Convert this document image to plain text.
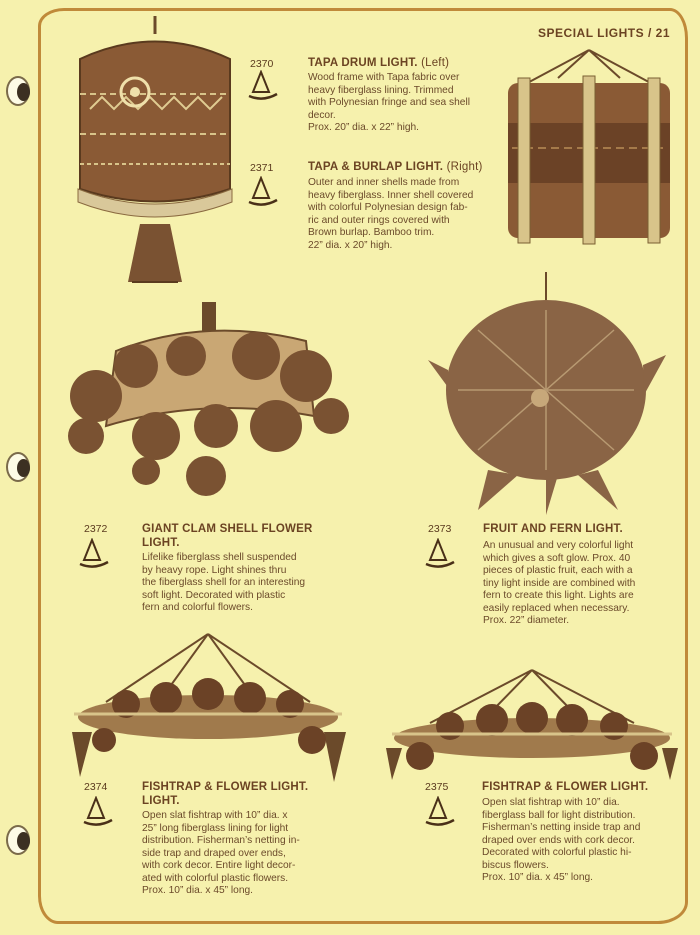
SPECIAL LIGHTS / 21
2370	TAPA DRUM LIGHT. (Left)
Wood frame with Tapa fabric over
heavy fiberglass lining. Trimmed
with Polynesian fringe and sea shell
decor.
Prox. 20” dia. x 22” high.
2371	TAPA & BURLAP LIGHT. (Right)
Outer and inner shells made from
heavy fiberglass. Inner shell covered
with colorful Polynesian design fab-
ric and outer rings covered with
Brown burlap. Bamboo trim.
22” dia. x 20” high.
2372	GIANT CLAM SHELL FLOWER
LIGHT.
Lifelike fiberglass shell suspended
by heavy rope. Light shines thru
the fiberglass shell for an interesting
soft light. Decorated with plastic
fern and colorful flowers.
2373	FRUIT AND FERN LIGHT.
An unusual and very colorful light
which gives a soft glow. Prox. 40
pieces of plastic fruit, each with a
tiny light inside are combined with
fern to create this light. Lights are
easily replaced when necessary.
Prox. 22” diameter.
2374	FISHTRAP & FLOWER LIGHT.
LIGHT.
Open slat fishtrap with 10” dia. x
25” long fiberglass lining for light
distribution. Fisherman’s netting in-
side trap and draped over ends,
with cork decor. Entire light decor-
ated with colorful plastic flowers.
Prox. 10” dia. x 45” long.
2375	FISHTRAP & FLOWER LIGHT.
Open slat fishtrap with 10” dia.
fiberglass ball for light distribution.
Fisherman’s netting inside trap and
draped over ends with cork decor.
Decorated with colorful plastic hi-
biscus flowers.
Prox. 10” dia. x 45” long.
